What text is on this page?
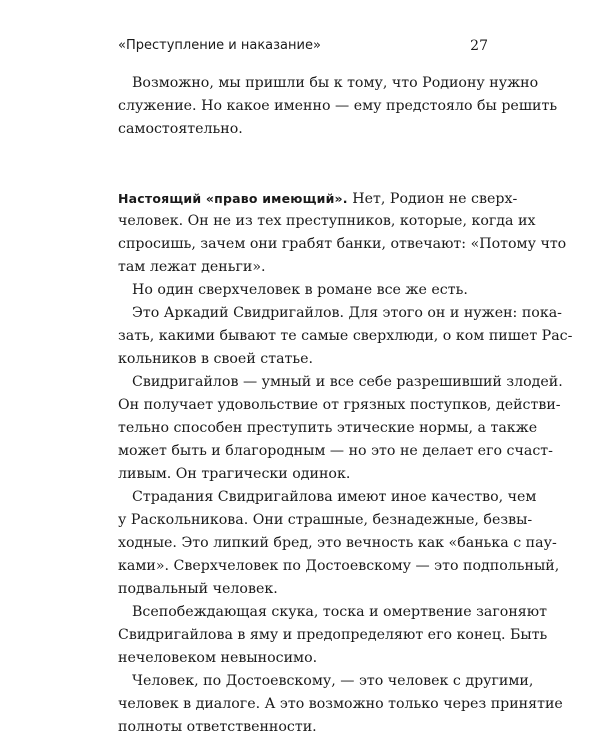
«Преступление и наказание»	27
Возможно, мы пришли бы к тому, что Родиону нужно
служение. Но какое именно — ему предстояло бы решить
самостоятельно.
Настоящий «право имеющий». Нет, Родион не сверх-
человек. Он не из тех преступников, которые, когда их
спросишь, зачем они грабят банки, отвечают: «Потому что
там лежат деньги».
Но один сверхчеловек в романе все же есть.
Это Аркадий Свидригайлов. Для этого он и нужен: пока-
зать, какими бывают те самые сверхлюди, о ком пишет Рас-
кольников в своей статье.
Свидригайлов — умный и все себе разрешивший злодей.
Он получает удовольствие от грязных поступков, действи-
тельно способен преступить этические нормы, а также
может быть и благородным — но это не делает его счаст-
ливым. Он трагически одинок.
Страдания Свидригайлова имеют иное качество, чем
у Раскольникова. Они страшные, безнадежные, безвы-
ходные. Это липкий бред, это вечность как «банька с пау-
ками». Сверхчеловек по Достоевскому — это подпольный,
подвальный человек.
Всепобеждающая скука, тоска и омертвение загоняют
Свидригайлова в яму и предопределяют его конец. Быть
нечеловеком невыносимо.
Человек, по Достоевскому, — это человек с другими,
человек в диалоге. А это возможно только через принятие
полноты ответственности.
